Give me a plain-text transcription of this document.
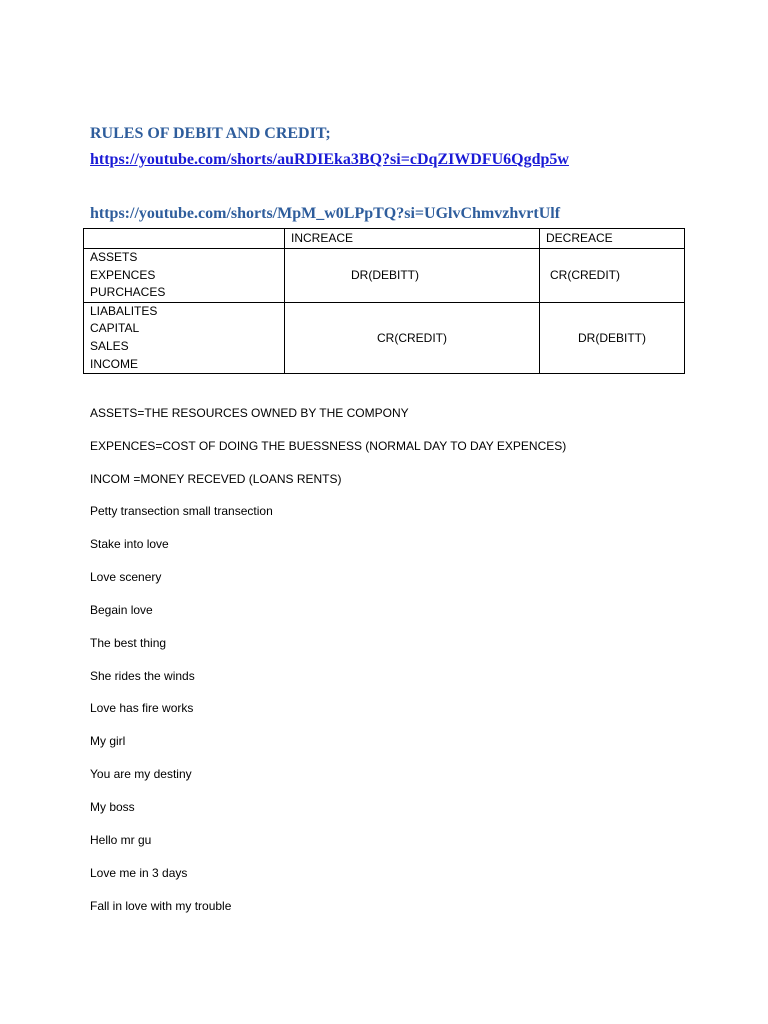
RULES OF DEBIT AND CREDIT;
https://youtube.com/shorts/auRDIEka3BQ?si=cDqZIWDFU6Qgdp5w
https://youtube.com/shorts/MpM_w0LPpTQ?si=UGlvChmvzhvrtUlf
	INCREACE	DECREACE

ASSETS
EXPENCES
PURCHACES	DR(DEBITT)	CR(CREDIT)

LIABALITES
CAPITAL
SALES
INCOME	CR(CREDIT)	DR(DEBITT)
ASSETS=THE RESOURCES OWNED BY THE COMPONY
EXPENCES=COST OF DOING THE BUESSNESS (NORMAL DAY TO DAY EXPENCES)
INCOM =MONEY RECEVED (LOANS RENTS)
Petty transection small transection
Stake into love
Love scenery
Begain love
The best thing
She rides the winds
Love has fire works
My girl
You are my destiny
My boss
Hello mr gu
Love me in 3 days
Fall in love with my trouble
